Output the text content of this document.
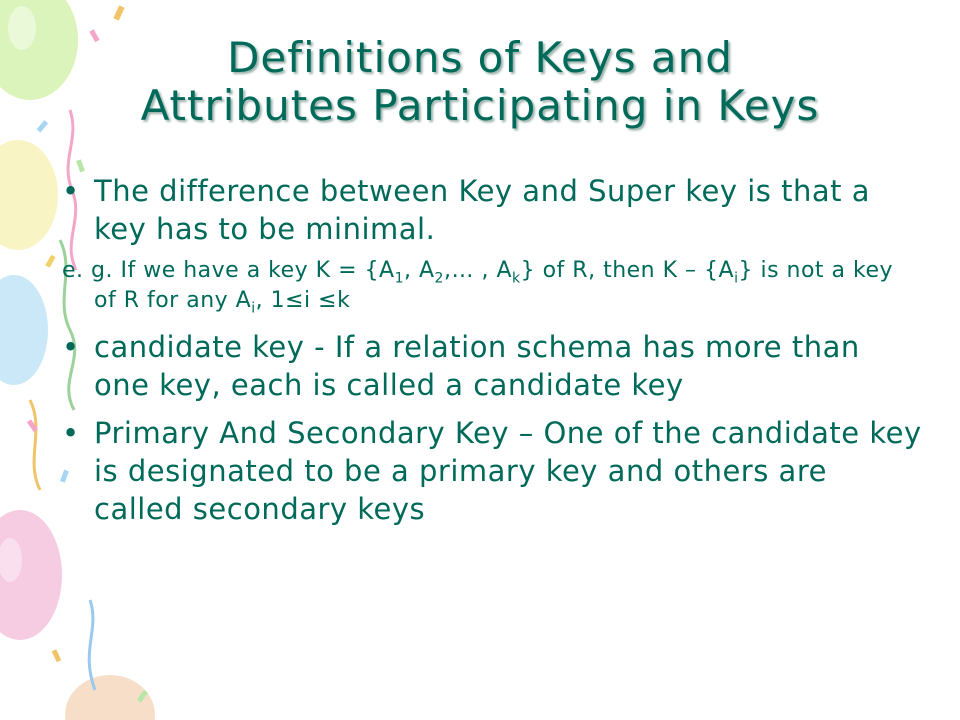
Definitions of Keys and
Attributes Participating in Keys
• The difference between Key and Super key is that a key has to be minimal.
e. g. If we have a key $K = \{A_1$, $A_2,\dots$ , $A_k$} of R, then K – $\{A_i\}$ is not a key of R for any $A_i$, 1≤i ≤k
• candidate key - If a relation schema has more than one key, each is called a candidate key
• Primary And Secondary Key – One of the candidate key is designated to be a primary key and others are called secondary keys
